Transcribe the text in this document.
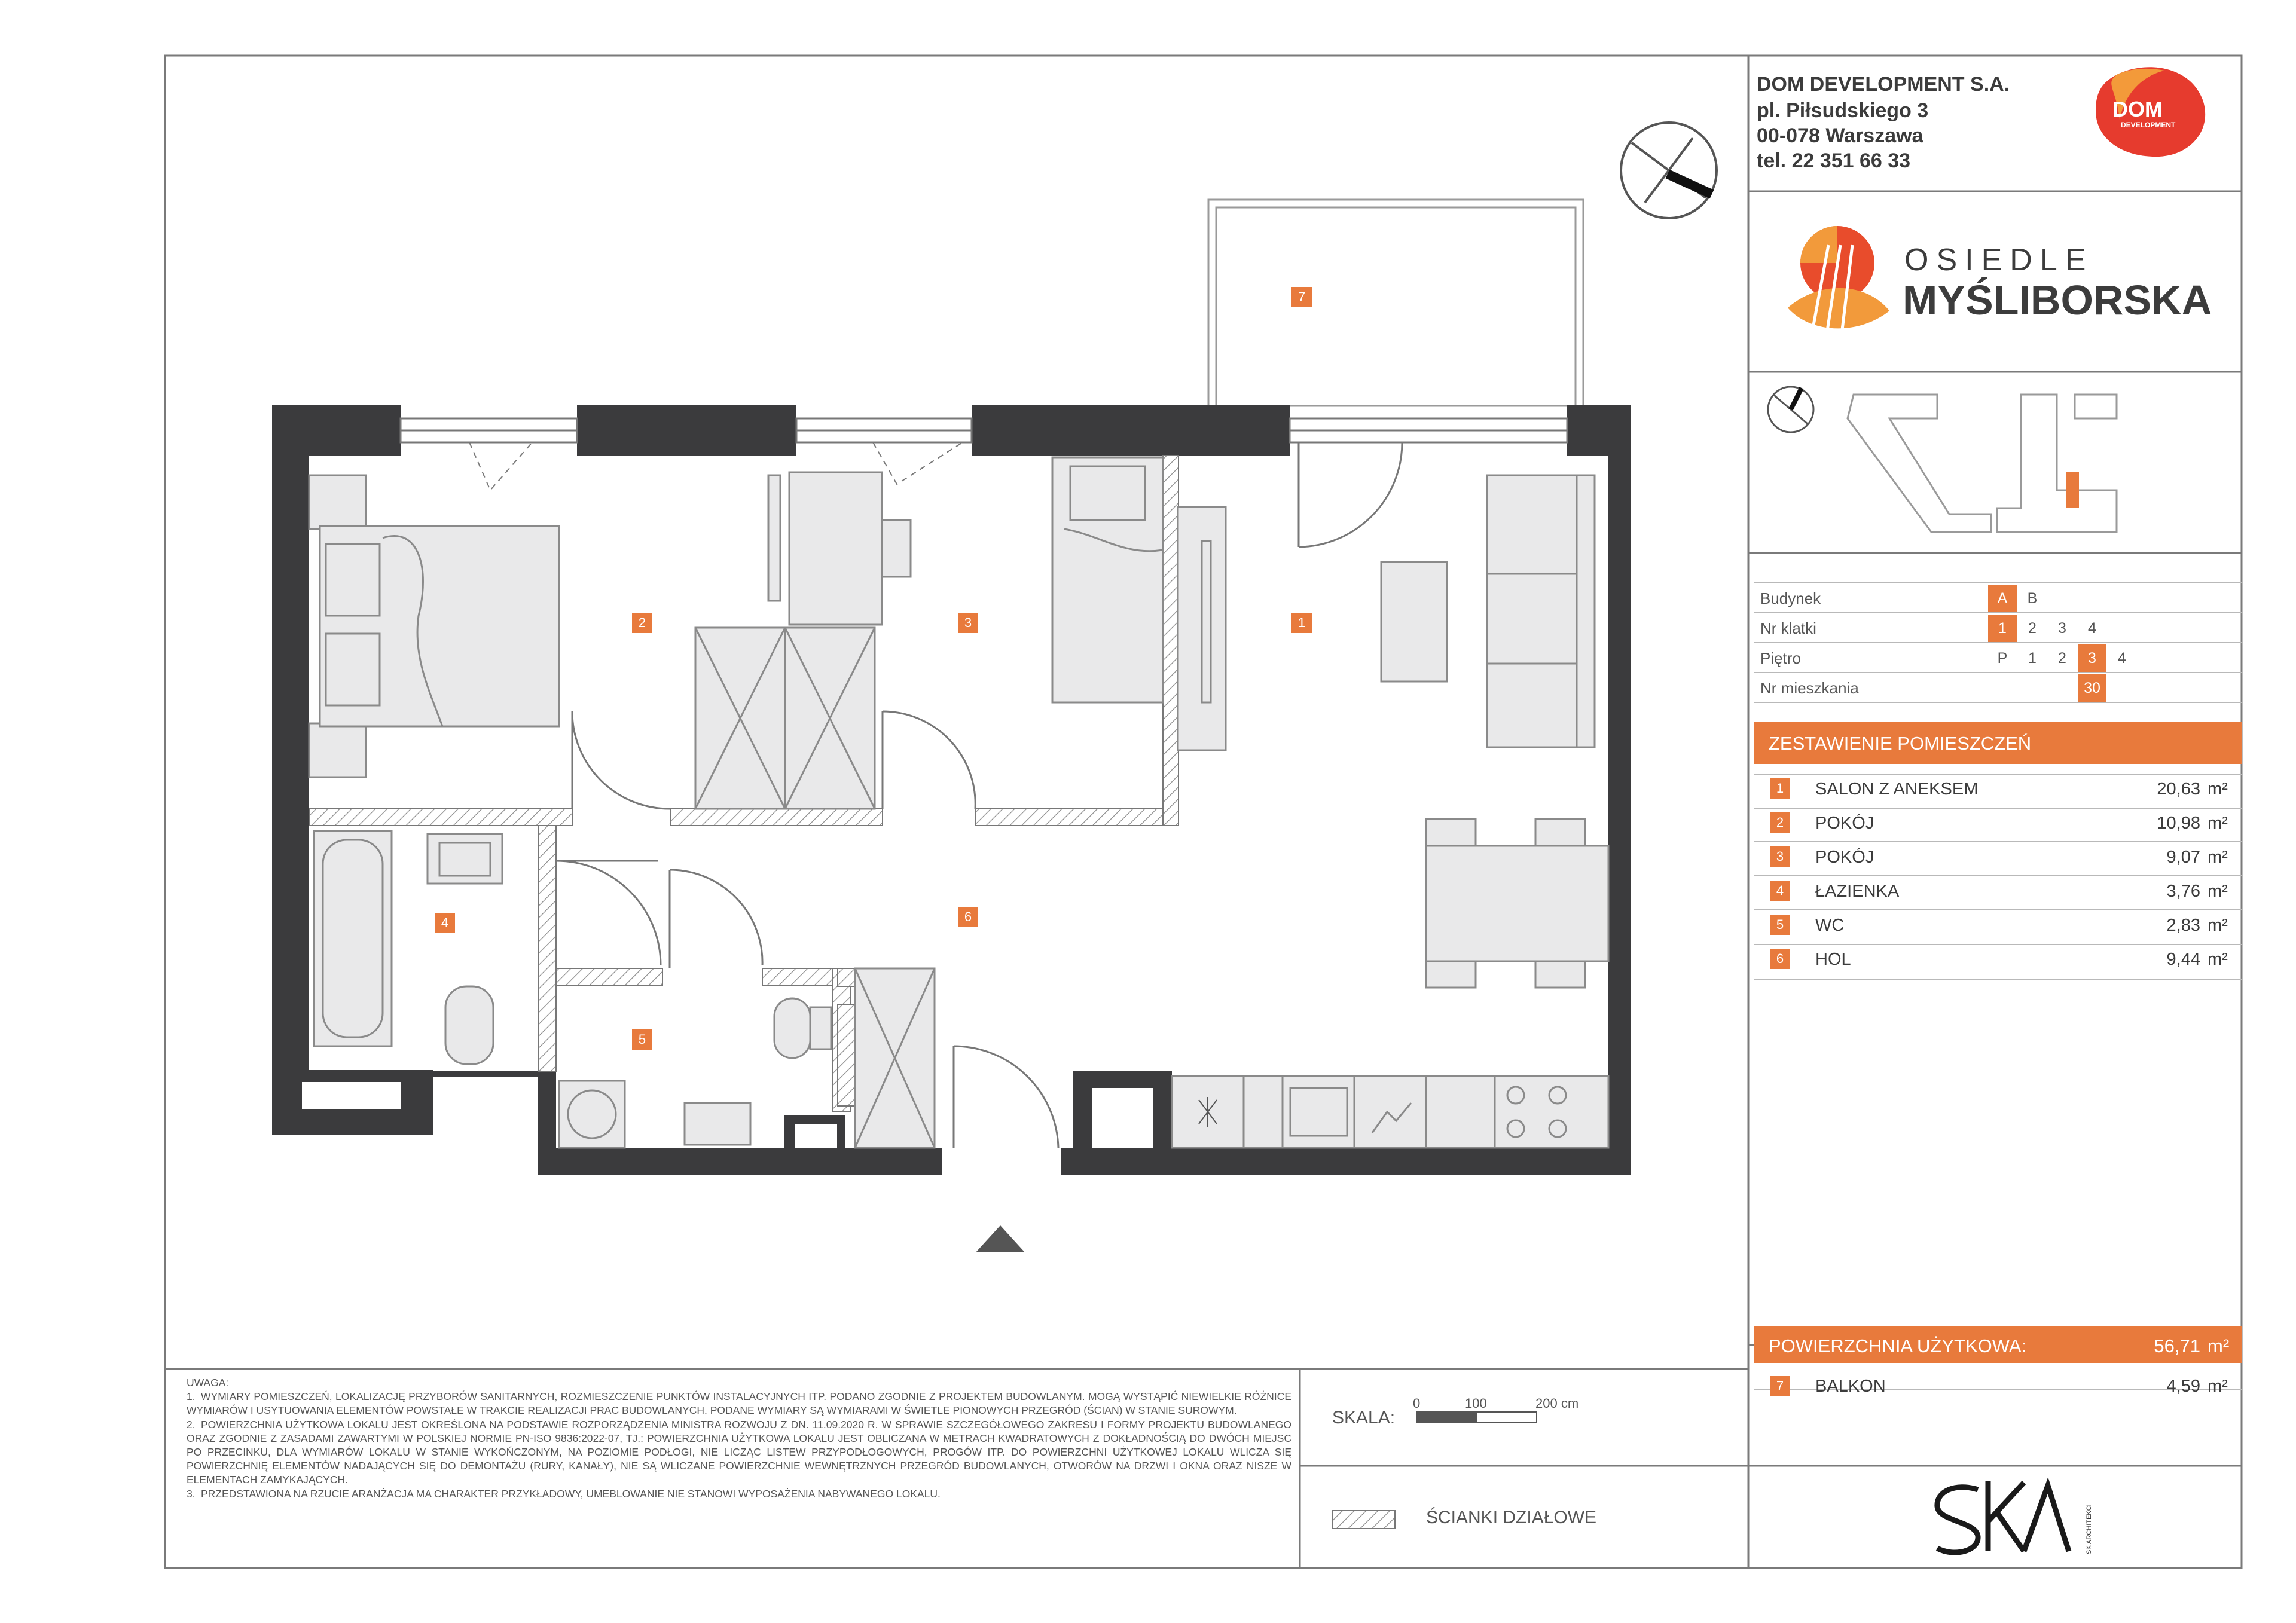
DOM DEVELOPMENT S.A.
pl. Piłsudskiego 3
00-078 Warszawa
tel. 22 351 66 33
DOM
DEVELOPMENT
OSIEDLE
MYŚLIBORSKA
Budynek	A	B
Nr klatki	1	2	3	4
Piętro	P	1	2	3	4
Nr mieszkania	30
ZESTAWIENIE POMIESZCZEŃ
1	SALON Z ANEKSEM	20,63 m²
2	POKÓJ	10,98 m²
3	POKÓJ	9,07 m²
4	ŁAZIENKA	3,76 m²
5	WC	2,83 m²
6	HOL	9,44 m²
POWIERZCHNIA UŻYTKOWA:	56,71 m²
7	BALKON	4,59 m²
1
2	3
4
5
6
7
SKALA:
0	100	200 cm
ŚCIANKI DZIAŁOWE	SK ARCHITEKCI

UWAGA:

1. WYMIARY POMIESZCZEŃ, LOKALIZACJĘ PRZYBORÓW SANITARNYCH, ROZMIESZCZENIE PUNKTÓW INSTALACYJNYCH ITP. PODANO ZGODNIE Z PROJEKTEM BUDOWLANYM. MOGĄ WYSTĄPIĆ NIEWIELKIE RÓŻNICE WYMIARÓW I USYTUOWANIA ELEMENTÓW POWSTAŁE W TRAKCIE REALIZACJI PRAC BUDOWLANYCH. PODANE WYMIARY SĄ WYMIARAMI W ŚWIETLE PIONOWYCH PRZEGRÓD (ŚCIAN) W STANIE SUROWYM.

2. POWIERZCHNIA UŻYTKOWA LOKALU JEST OKREŚLONA NA PODSTAWIE ROZPORZĄDZENIA MINISTRA ROZWOJU Z DN. 11.09.2020 R. W SPRAWIE SZCZEGÓŁOWEGO ZAKRESU I FORMY PROJEKTU BUDOWLANEGO ORAZ ZGODNIE Z ZASADAMI ZAWARTYMI W POLSKIEJ NORMIE PN-ISO 9836:2022-07, TJ.: POWIERZCHNIA UŻYTKOWA LOKALU JEST OBLICZANA W METRACH KWADRATOWYCH Z DOKŁADNOŚCIĄ DO DWÓCH MIEJSC PO PRZECINKU, DLA WYMIARÓW LOKALU W STANIE WYKOŃCZONYM, NA POZIOMIE PODŁOGI, NIE LICZĄC LISTEW PRZYPODŁOGOWYCH, PROGÓW ITP. DO POWIERZCHNI UŻYTKOWEJ LOKALU WLICZA SIĘ POWIERZCHNIĘ ELEMENTÓW NADAJĄCYCH SIĘ DO DEMONTAŻU (RURY, KANAŁY), NIE SĄ WLICZANE POWIERZCHNIE WEWNĘTRZNYCH PRZEGRÓD BUDOWLANYCH, OTWORÓW NA DRZWI I OKNA ORAZ NISZE W ELEMENTACH ZAMYKAJĄCYCH.

3. PRZEDSTAWIONA NA RZUCIE ARANŻACJA MA CHARAKTER PRZYKŁADOWY, UMEBLOWANIE NIE STANOWI WYPOSAŻENIA NABYWANEGO LOKALU.
